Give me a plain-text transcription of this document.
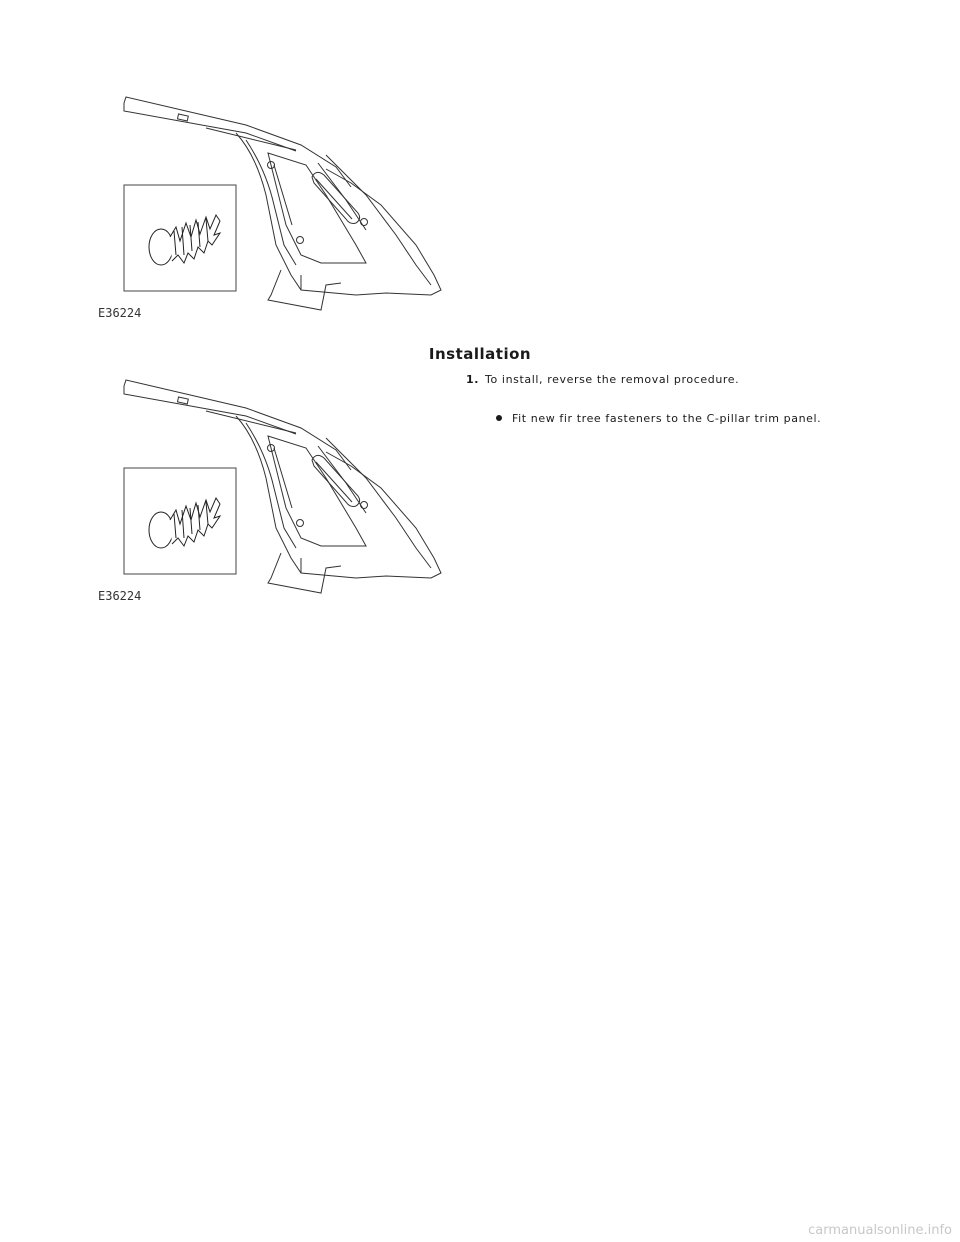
E36224
Installation
1. To install, reverse the removal procedure.
Fit new fir tree fasteners to the C-pillar trim panel.
E36224
carmanualsonline.info
